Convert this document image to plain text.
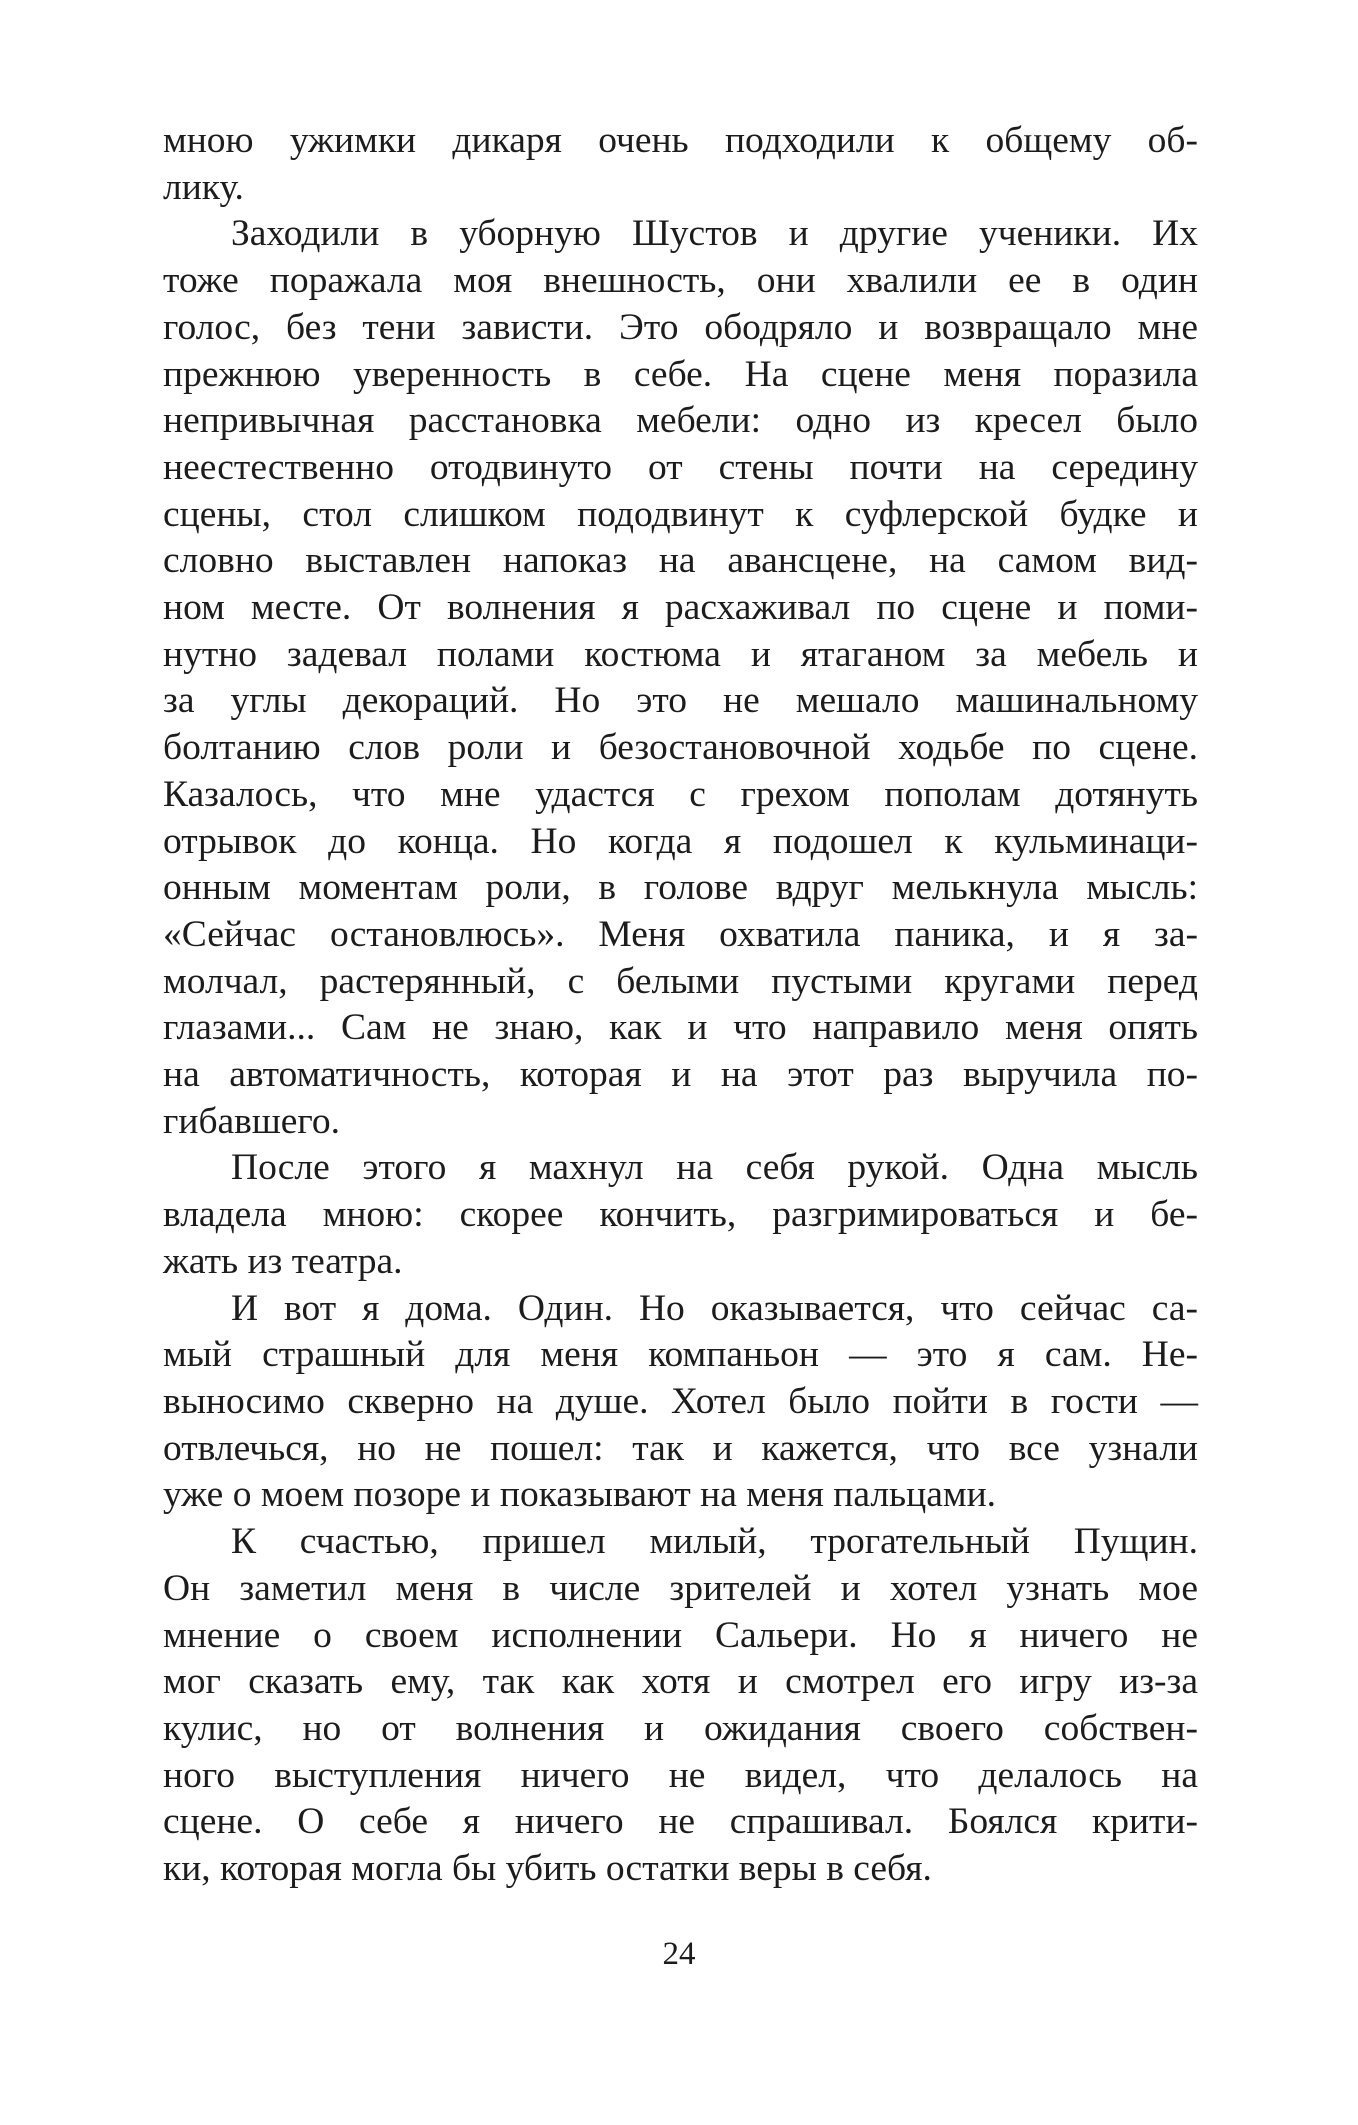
мною ужимки дикаря очень подходили к общему об-
лику.

Заходили в уборную Шустов и другие ученики. Их
тоже поражала моя внешность, они хвалили ее в один
голос, без тени зависти. Это ободряло и возвращало мне
прежнюю уверенность в себе. На сцене меня поразила
непривычная расстановка мебели: одно из кресел было
неестественно отодвинуто от стены почти на середину
сцены, стол слишком пододвинут к суфлерской будке и
словно выставлен напоказ на авансцене, на самом вид-
ном месте. От волнения я расхаживал по сцене и поми-
нутно задевал полами костюма и ятаганом за мебель и
за углы декораций. Но это не мешало машинальному
болтанию слов роли и безостановочной ходьбе по сцене.
Казалось, что мне удастся с грехом пополам дотянуть
отрывок до конца. Но когда я подошел к кульминаци-
онным моментам роли, в голове вдруг мелькнула мысль:
«Сейчас остановлюсь». Меня охватила паника, и я за-
молчал, растерянный, с белыми пустыми кругами перед
глазами... Сам не знаю, как и что направило меня опять
на автоматичность, которая и на этот раз выручила по-
гибавшего.

После этого я махнул на себя рукой. Одна мысль
владела мною: скорее кончить, разгримироваться и бе-
жать из театра.

И вот я дома. Один. Но оказывается, что сейчас са-
мый страшный для меня компаньон — это я сам. Не-
выносимо скверно на душе. Хотел было пойти в гости —
отвлечься, но не пошел: так и кажется, что все узнали
уже о моем позоре и показывают на меня пальцами.

К счастью, пришел милый, трогательный Пущин.
Он заметил меня в числе зрителей и хотел узнать мое
мнение о своем исполнении Сальери. Но я ничего не
мог сказать ему, так как хотя и смотрел его игру из-за
кулис, но от волнения и ожидания своего собствен-
ного выступления ничего не видел, что делалось на
сцене. О себе я ничего не спрашивал. Боялся крити-
ки, которая могла бы убить остатки веры в себя.

24
